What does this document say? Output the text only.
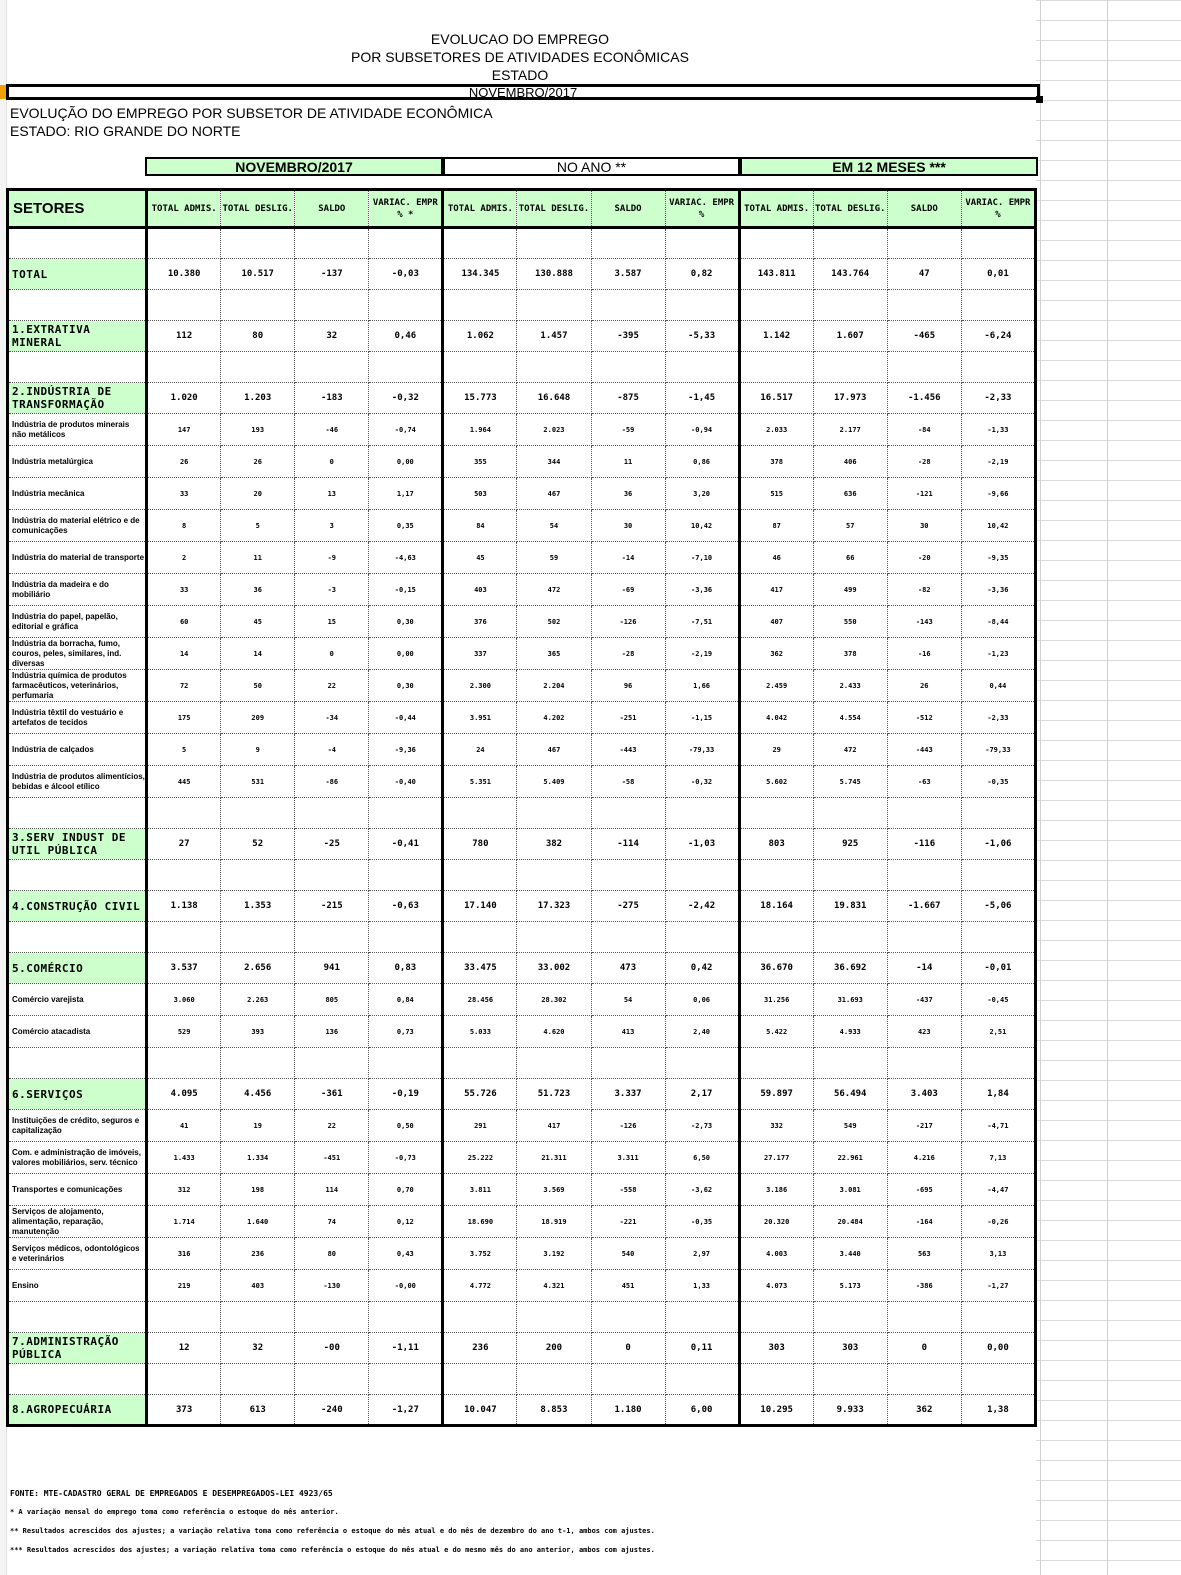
EVOLUCAO DO EMPREGO
POR SUBSETORES DE ATIVIDADES ECONÔMICAS
ESTADO
NOVEMBRO/2017
EVOLUÇÃO DO EMPREGO POR SUBSETOR DE ATIVIDADE ECONÔMICA
ESTADO: RIO GRANDE DO NORTE
NOVEMBRO/2017	NO ANO **	EM 12 MESES ***
SETORES	TOTAL ADMIS.	TOTAL DESLIG.	SALDO	VARIAC. EMPR % *	TOTAL ADMIS.	TOTAL DESLIG.	SALDO	VARIAC. EMPR %	TOTAL ADMIS.	TOTAL DESLIG.	SALDO	VARIAC. EMPR %

TOTAL	10.380	10.517	-137	-0,03	134.345	130.888	3.587	0,82	143.811	143.764	47	0,01

1.EXTRATIVA MINERAL	112	80	32	0,46	1.062	1.457	-395	-5,33	1.142	1.607	-465	-6,24

2.INDÚSTRIA DE TRANSFORMAÇÃO	1.020	1.203	-183	-0,32	15.773	16.648	-875	-1,45	16.517	17.973	-1.456	-2,33
Indústria de produtos minerais não metálicos	147	193	-46	-0,74	1.964	2.023	-59	-0,94	2.033	2.177	-84	-1,33
Indústria metalúrgica	26	26	0	0,00	355	344	11	0,86	378	406	-28	-2,19
Indústria mecânica	33	20	13	1,17	503	467	36	3,20	515	636	-121	-9,66
Indústria do material elétrico e de comunicações	8	5	3	0,35	84	54	30	10,42	87	57	30	10,42
Indústria do material de transporte	2	11	-9	-4,63	45	59	-14	-7,10	46	66	-20	-9,35
Indústria da madeira e do mobiliário	33	36	-3	-0,15	403	472	-69	-3,36	417	499	-82	-3,36
Indústria do papel, papelão, editorial e gráfica	60	45	15	0,30	376	502	-126	-7,51	407	550	-143	-8,44
Indústria da borracha, fumo, couros, peles, similares, ind. diversas	14	14	0	0,00	337	365	-28	-2,19	362	378	-16	-1,23
Indústria química de produtos farmacêuticos, veterinários, perfumaria	72	50	22	0,30	2.300	2.204	96	1,66	2.459	2.433	26	0,44
Indústria têxtil do vestuário e artefatos de tecidos	175	209	-34	-0,44	3.951	4.202	-251	-1,15	4.042	4.554	-512	-2,33
Indústria de calçados	5	9	-4	-9,36	24	467	-443	-79,33	29	472	-443	-79,33
Indústria de produtos alimentícios, bebidas e álcool etílico	445	531	-86	-0,40	5.351	5.409	-58	-0,32	5.602	5.745	-63	-0,35

3.SERV INDUST DE UTIL PÚBLICA	27	52	-25	-0,41	780	382	-114	-1,03	803	925	-116	-1,06

4.CONSTRUÇÃO CIVIL	1.138	1.353	-215	-0,63	17.140	17.323	-275	-2,42	18.164	19.831	-1.667	-5,06

5.COMÉRCIO	3.537	2.656	941	0,83	33.475	33.002	473	0,42	36.670	36.692	-14	-0,01
Comércio varejista	3.060	2.263	805	0,84	28.456	28.302	54	0,06	31.256	31.693	-437	-0,45
Comércio atacadista	529	393	136	0,73	5.033	4.620	413	2,40	5.422	4.933	423	2,51

6.SERVIÇOS	4.095	4.456	-361	-0,19	55.726	51.723	3.337	2,17	59.897	56.494	3.403	1,84
Instituições de crédito, seguros e capitalização	41	19	22	0,50	291	417	-126	-2,73	332	549	-217	-4,71
Com. e administração de imóveis, valores mobiliários, serv. técnico	1.433	1.334	-451	-0,73	25.222	21.311	3.311	6,50	27.177	22.961	4.216	7,13
Transportes e comunicações	312	198	114	0,70	3.811	3.569	-558	-3,62	3.186	3.081	-695	-4,47
Serviços de alojamento, alimentação, reparação, manutenção	1.714	1.640	74	0,12	18.690	18.919	-221	-0,35	20.320	20.484	-164	-0,26
Serviços médicos, odontológicos e veterinários	316	236	80	0,43	3.752	3.192	540	2,97	4.003	3.440	563	3,13
Ensino	219	403	-130	-0,00	4.772	4.321	451	1,33	4.073	5.173	-386	-1,27

7.ADMINISTRAÇÃO PÚBLICA	12	32	-00	-1,11	236	200	0	0,11	303	303	0	0,00

8.AGROPECUÁRIA	373	613	-240	-1,27	10.047	8.853	1.180	6,00	10.295	9.933	362	1,38
FONTE: MTE-CADASTRO GERAL DE EMPREGADOS E DESEMPREGADOS-LEI 4923/65
* A variação mensal do emprego toma como referência o estoque do mês anterior.
** Resultados acrescidos dos ajustes; a variação relativa toma como referência o estoque do mês atual e do mês de dezembro do ano t-1, ambos com ajustes.
*** Resultados acrescidos dos ajustes; a variação relativa toma como referência o estoque do mês atual e do mesmo mês do ano anterior, ambos com ajustes.
